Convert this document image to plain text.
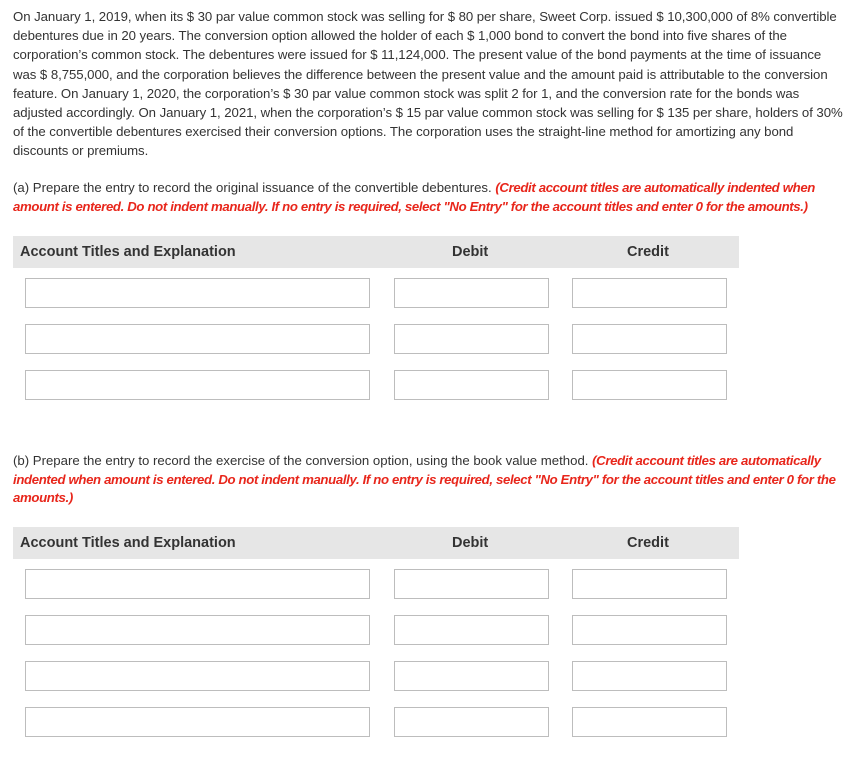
On January 1, 2019, when its $ 30 par value common stock was selling for $ 80 per share, Sweet Corp. issued $ 10,300,000 of 8% convertible debentures due in 20 years. The conversion option allowed the holder of each $ 1,000 bond to convert the bond into five shares of the corporation’s common stock. The debentures were issued for $ 11,124,000. The present value of the bond payments at the time of issuance was $ 8,755,000, and the corporation believes the difference between the present value and the amount paid is attributable to the conversion feature. On January 1, 2020, the corporation’s $ 30 par value common stock was split 2 for 1, and the conversion rate for the bonds was adjusted accordingly. On January 1, 2021, when the corporation’s $ 15 par value common stock was selling for $ 135 per share, holders of 30% of the convertible debentures exercised their conversion options. The corporation uses the straight-line method for amortizing any bond discounts or premiums.
(a) Prepare the entry to record the original issuance of the convertible debentures. (Credit account titles are automatically indented when amount is entered. Do not indent manually. If no entry is required, select "No Entry" for the account titles and enter 0 for the amounts.)
Account Titles and Explanation	Debit	Credit
(b) Prepare the entry to record the exercise of the conversion option, using the book value method. (Credit account titles are automatically indented when amount is entered. Do not indent manually. If no entry is required, select "No Entry" for the account titles and enter 0 for the amounts.)
Account Titles and Explanation	Debit	Credit
